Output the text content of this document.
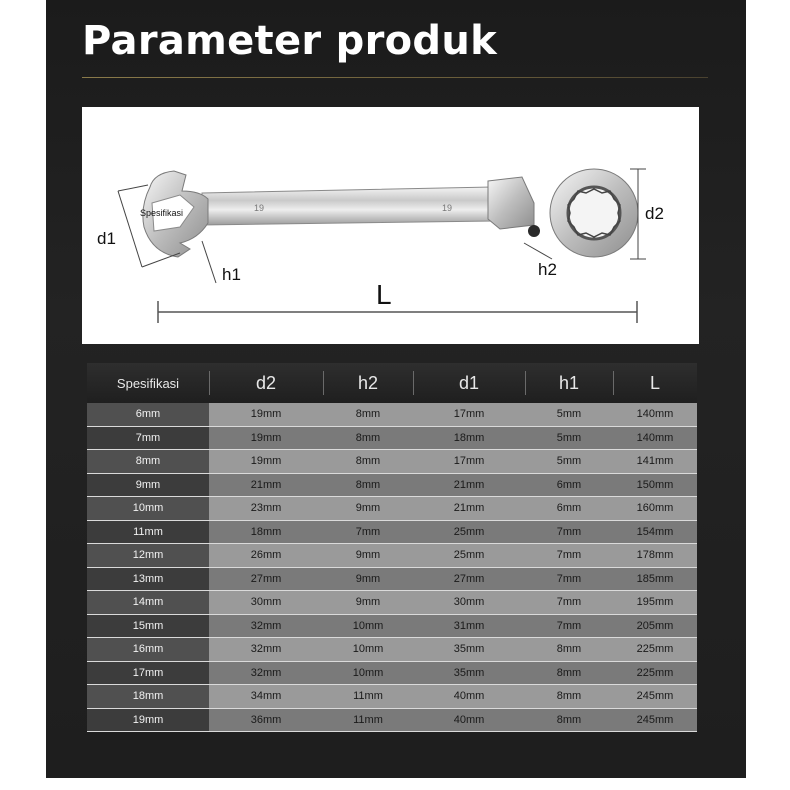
Parameter produk
19	19
Spesifikasi
d1
h1
d2
h2
L
Spesifikasi	d2	h2	d1	h1	L
6mm	19mm	8mm	17mm	5mm	140mm
7mm	19mm	8mm	18mm	5mm	140mm
8mm	19mm	8mm	17mm	5mm	141mm
9mm	21mm	8mm	21mm	6mm	150mm
10mm	23mm	9mm	21mm	6mm	160mm
11mm	18mm	7mm	25mm	7mm	154mm
12mm	26mm	9mm	25mm	7mm	178mm
13mm	27mm	9mm	27mm	7mm	185mm
14mm	30mm	9mm	30mm	7mm	195mm
15mm	32mm	10mm	31mm	7mm	205mm
16mm	32mm	10mm	35mm	8mm	225mm
17mm	32mm	10mm	35mm	8mm	225mm
18mm	34mm	11mm	40mm	8mm	245mm
19mm	36mm	11mm	40mm	8mm	245mm
